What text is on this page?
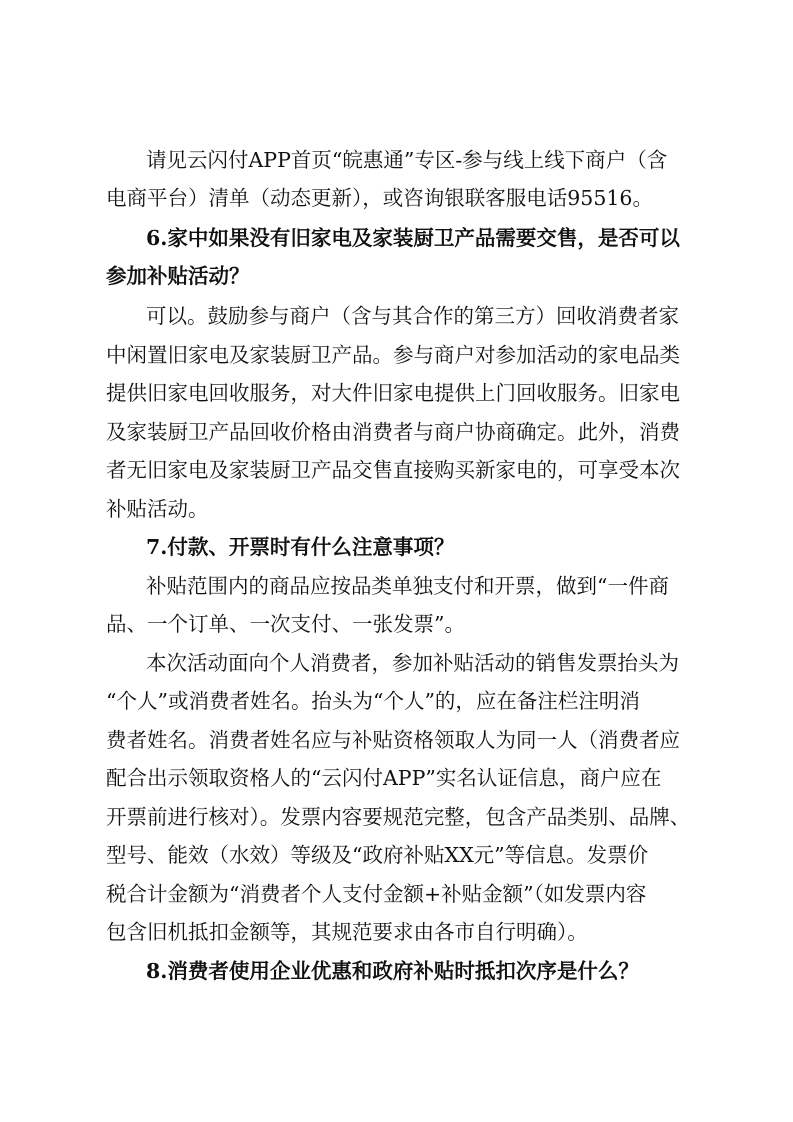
请见云闪付APP首页“皖惠通”专区-参与线上线下商户（含
电商平台）清单（动态更新），或咨询银联客服电话95516。
6.家中如果没有旧家电及家装厨卫产品需要交售，是否可以
参加补贴活动？
可以。鼓励参与商户（含与其合作的第三方）回收消费者家
中闲置旧家电及家装厨卫产品。参与商户对参加活动的家电品类
提供旧家电回收服务，对大件旧家电提供上门回收服务。旧家电
及家装厨卫产品回收价格由消费者与商户协商确定。此外，消费
者无旧家电及家装厨卫产品交售直接购买新家电的，可享受本次
补贴活动。
7.付款、开票时有什么注意事项？
补贴范围内的商品应按品类单独支付和开票，做到“一件商
品、一个订单、一次支付、一张发票”。
本次活动面向个人消费者，参加补贴活动的销售发票抬头为
“个人”或消费者姓名。抬头为“个人”的，应在备注栏注明消
费者姓名。消费者姓名应与补贴资格领取人为同一人（消费者应
配合出示领取资格人的“云闪付APP”实名认证信息，商户应在
开票前进行核对）。发票内容要规范完整，包含产品类别、品牌、
型号、能效（水效）等级及“政府补贴XX元”等信息。发票价
税合计金额为“消费者个人支付金额+补贴金额”（如发票内容
包含旧机抵扣金额等，其规范要求由各市自行明确）。
8.消费者使用企业优惠和政府补贴时抵扣次序是什么？
